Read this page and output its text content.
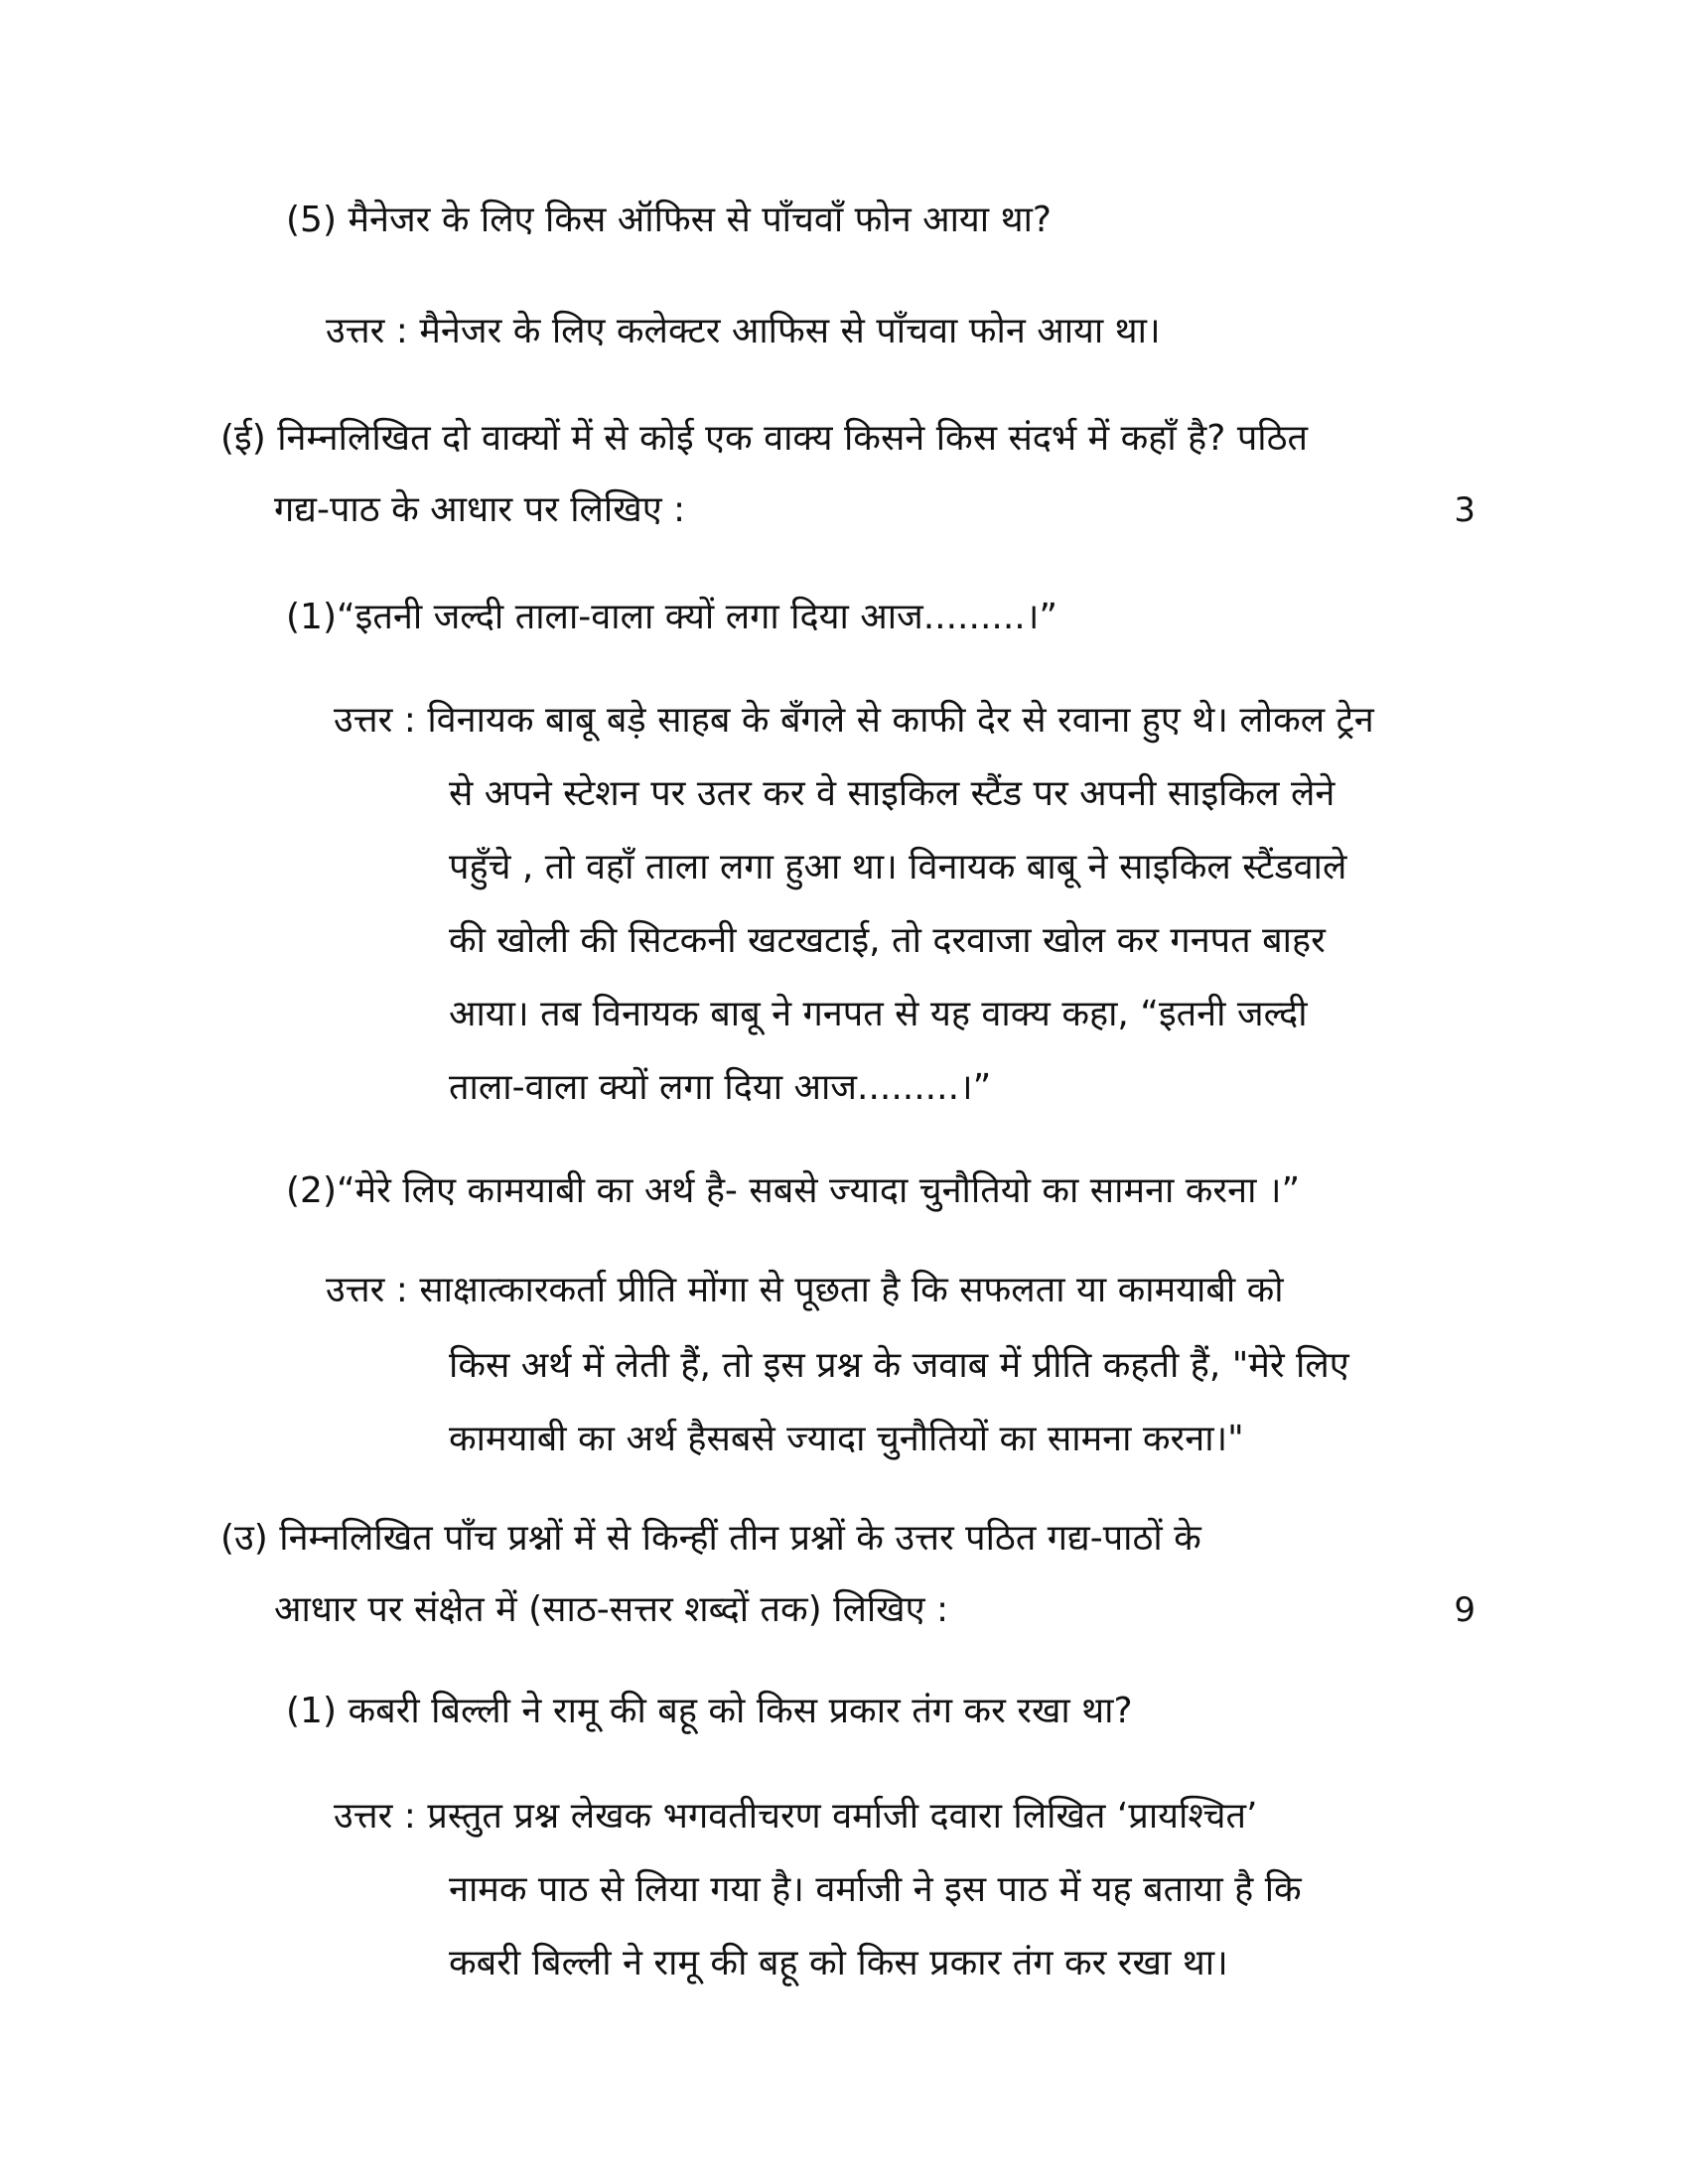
(5) मैनेजर के लिए किस ऑफिस से पाँचवाँ फोन आया था?
उत्तर : मैनेजर के लिए कलेक्टर आफिस से पाँचवा फोन आया था।
(ई) निम्नलिखित दो वाक्यों में से कोई एक वाक्य किसने किस संदर्भ में कहाँ है? पठित
गद्य-पाठ के आधार पर लिखिए :	3
(1)“इतनी जल्दी ताला-वाला क्यों लगा दिया आज.........।”
उत्तर : विनायक बाबू बड़े साहब के बँगले से काफी देर से रवाना हुए थे। लोकल ट्रेन
से अपने स्टेशन पर उतर कर वे साइकिल स्टैंड पर अपनी साइकिल लेने
पहुँचे , तो वहाँ ताला लगा हुआ था। विनायक बाबू ने साइकिल स्टैंडवाले
की खोली की सिटकनी खटखटाई, तो दरवाजा खोल कर गनपत बाहर
आया। तब विनायक बाबू ने गनपत से यह वाक्य कहा, “इतनी जल्दी
ताला-वाला क्यों लगा दिया आज.........।”
(2)“मेरे लिए कामयाबी का अर्थ है- सबसे ज्यादा चुनौतियो का सामना करना ।”
उत्तर : साक्षात्कारकर्ता प्रीति मोंगा से पूछता है कि सफलता या कामयाबी को
किस अर्थ में लेती हैं, तो इस प्रश्न के जवाब में प्रीति कहती हैं, "मेरे लिए
कामयाबी का अर्थ हैसबसे ज्यादा चुनौतियों का सामना करना।"
(उ) निम्नलिखित पाँच प्रश्नों में से किन्हीं तीन प्रश्नों के उत्तर पठित गद्य-पाठों के
आधार पर संक्षेत में (साठ-सत्तर शब्दों तक) लिखिए :	9
(1) कबरी बिल्ली ने रामू की बहू को किस प्रकार तंग कर रखा था?
उत्तर : प्रस्तुत प्रश्न लेखक भगवतीचरण वर्माजी दवारा लिखित ‘प्रायश्चित’
नामक पाठ से लिया गया है। वर्माजी ने इस पाठ में यह बताया है कि
कबरी बिल्ली ने रामू की बहू को किस प्रकार तंग कर रखा था।
